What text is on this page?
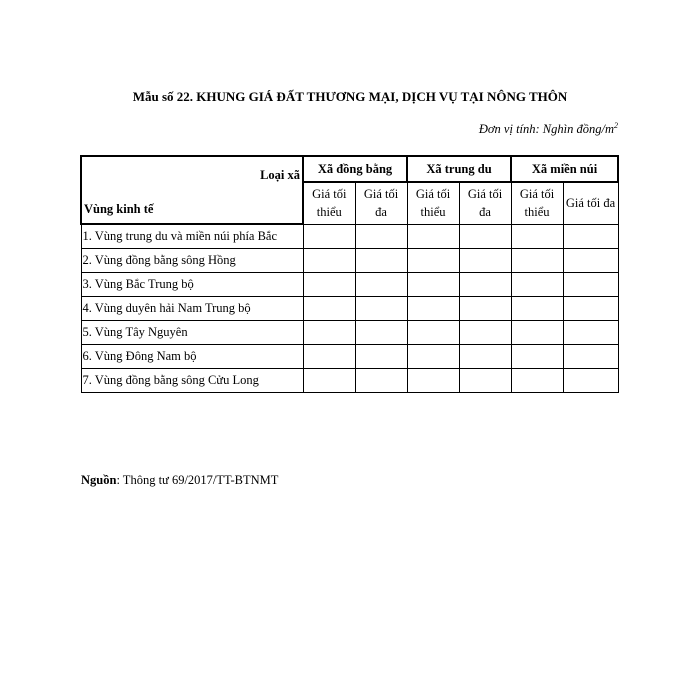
Mẫu số 22. KHUNG GIÁ ĐẤT THƯƠNG MẠI, DỊCH VỤ TẠI NÔNG THÔN
Đơn vị tính: Nghìn đồng/$m^2$
Loại xã
Vùng kinh tế	Xã đồng bằng		Xã trung du		Xã miền núi	
	Giá tối thiểu	Giá tối đa	Giá tối thiểu	Giá tối đa	Giá tối thiểu	Giá tối đa
1. Vùng trung du và miền núi phía Bắc						
2. Vùng đồng bằng sông Hồng						
3. Vùng Bắc Trung bộ						
4. Vùng duyên hải Nam Trung bộ						
5. Vùng Tây Nguyên						
6. Vùng Đông Nam bộ						
7. Vùng đồng bằng sông Cửu Long						
Nguồn: Thông tư 69/2017/TT-BTNMT
